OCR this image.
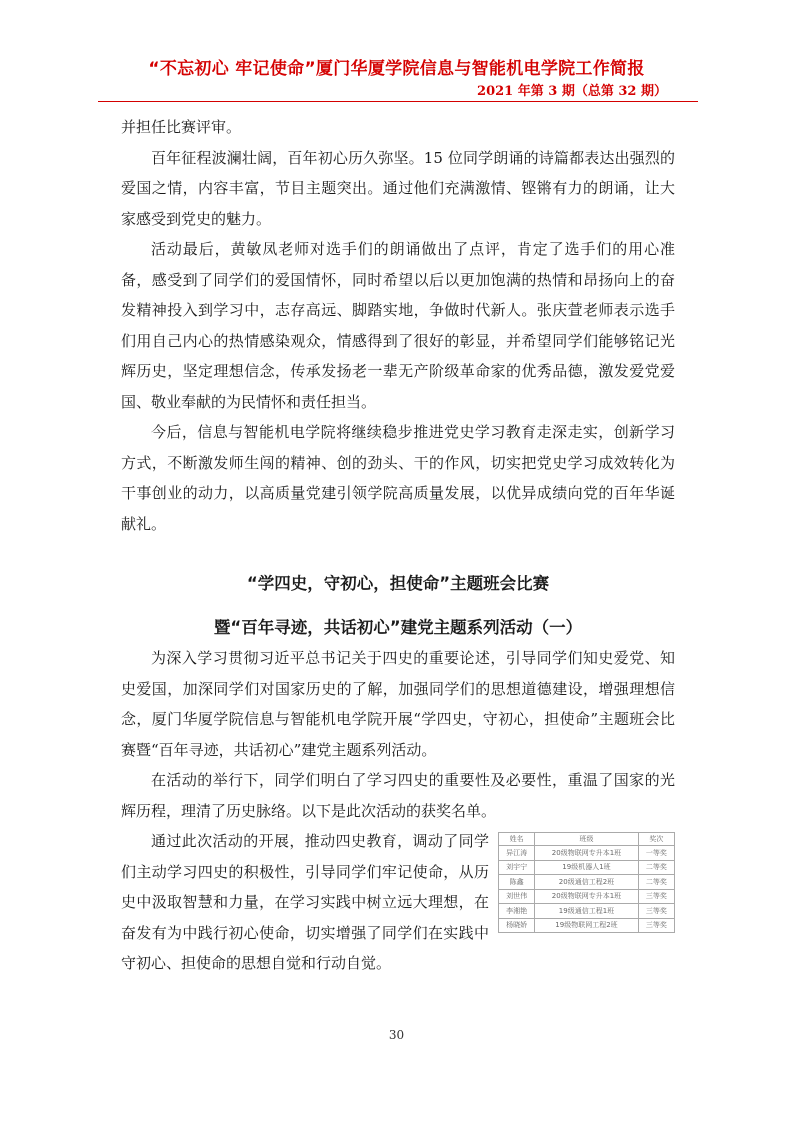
“不忘初心 牢记使命”厦门华厦学院信息与智能机电学院工作简报
2021 年第 3 期（总第 32 期）

并担任比赛评审。

百年征程波澜壮阔，百年初心历久弥坚。15 位同学朗诵的诗篇都表达出强烈的爱国之情，内容丰富，节目主题突出。通过他们充满激情、铿锵有力的朗诵，让大家感受到党史的魅力。

活动最后，黄敏凤老师对选手们的朗诵做出了点评，肯定了选手们的用心准备，感受到了同学们的爱国情怀，同时希望以后以更加饱满的热情和昂扬向上的奋发精神投入到学习中，志存高远、脚踏实地，争做时代新人。张庆萱老师表示选手们用自己内心的热情感染观众，情感得到了很好的彰显，并希望同学们能够铭记光辉历史，坚定理想信念，传承发扬老一辈无产阶级革命家的优秀品德，激发爱党爱国、敬业奉献的为民情怀和责任担当。

今后，信息与智能机电学院将继续稳步推进党史学习教育走深走实，创新学习方式，不断激发师生闯的精神、创的劲头、干的作风，切实把党史学习成效转化为干事创业的动力，以高质量党建引领学院高质量发展，以优异成绩向党的百年华诞献礼。

“学四史，守初心，担使命”主题班会比赛
暨“百年寻迹，共话初心”建党主题系列活动（一）

为深入学习贯彻习近平总书记关于四史的重要论述，引导同学们知史爱党、知史爱国，加深同学们对国家历史的了解，加强同学们的思想道德建设，增强理想信念，厦门华厦学院信息与智能机电学院开展“学四史，守初心，担使命”主题班会比赛暨“百年寻迹，共话初心”建党主题系列活动。

在活动的举行下，同学们明白了学习四史的重要性及必要性，重温了国家的光辉历程，理清了历史脉络。以下是此次活动的获奖名单。

通过此次活动的开展，推动四史教育，调动了同学们主动学习四史的积极性，引导同学们牢记使命，从历史中汲取智慧和力量，在学习实践中树立远大理想，在奋发有为中践行初心使命，切实增强了同学们在实践中守初心、担使命的思想自觉和行动自觉。

姓名	班级	奖次
异江涛	20级物联网专升本1班	一等奖
刘宇宁	19级机器人1班	二等奖
陈鑫	20级通信工程2班	二等奖
刘世伟	20级物联网专升本1班	三等奖
李湘艳	19级通信工程1班	三等奖
杨晓娇	19级物联网工程2班	三等奖
30
